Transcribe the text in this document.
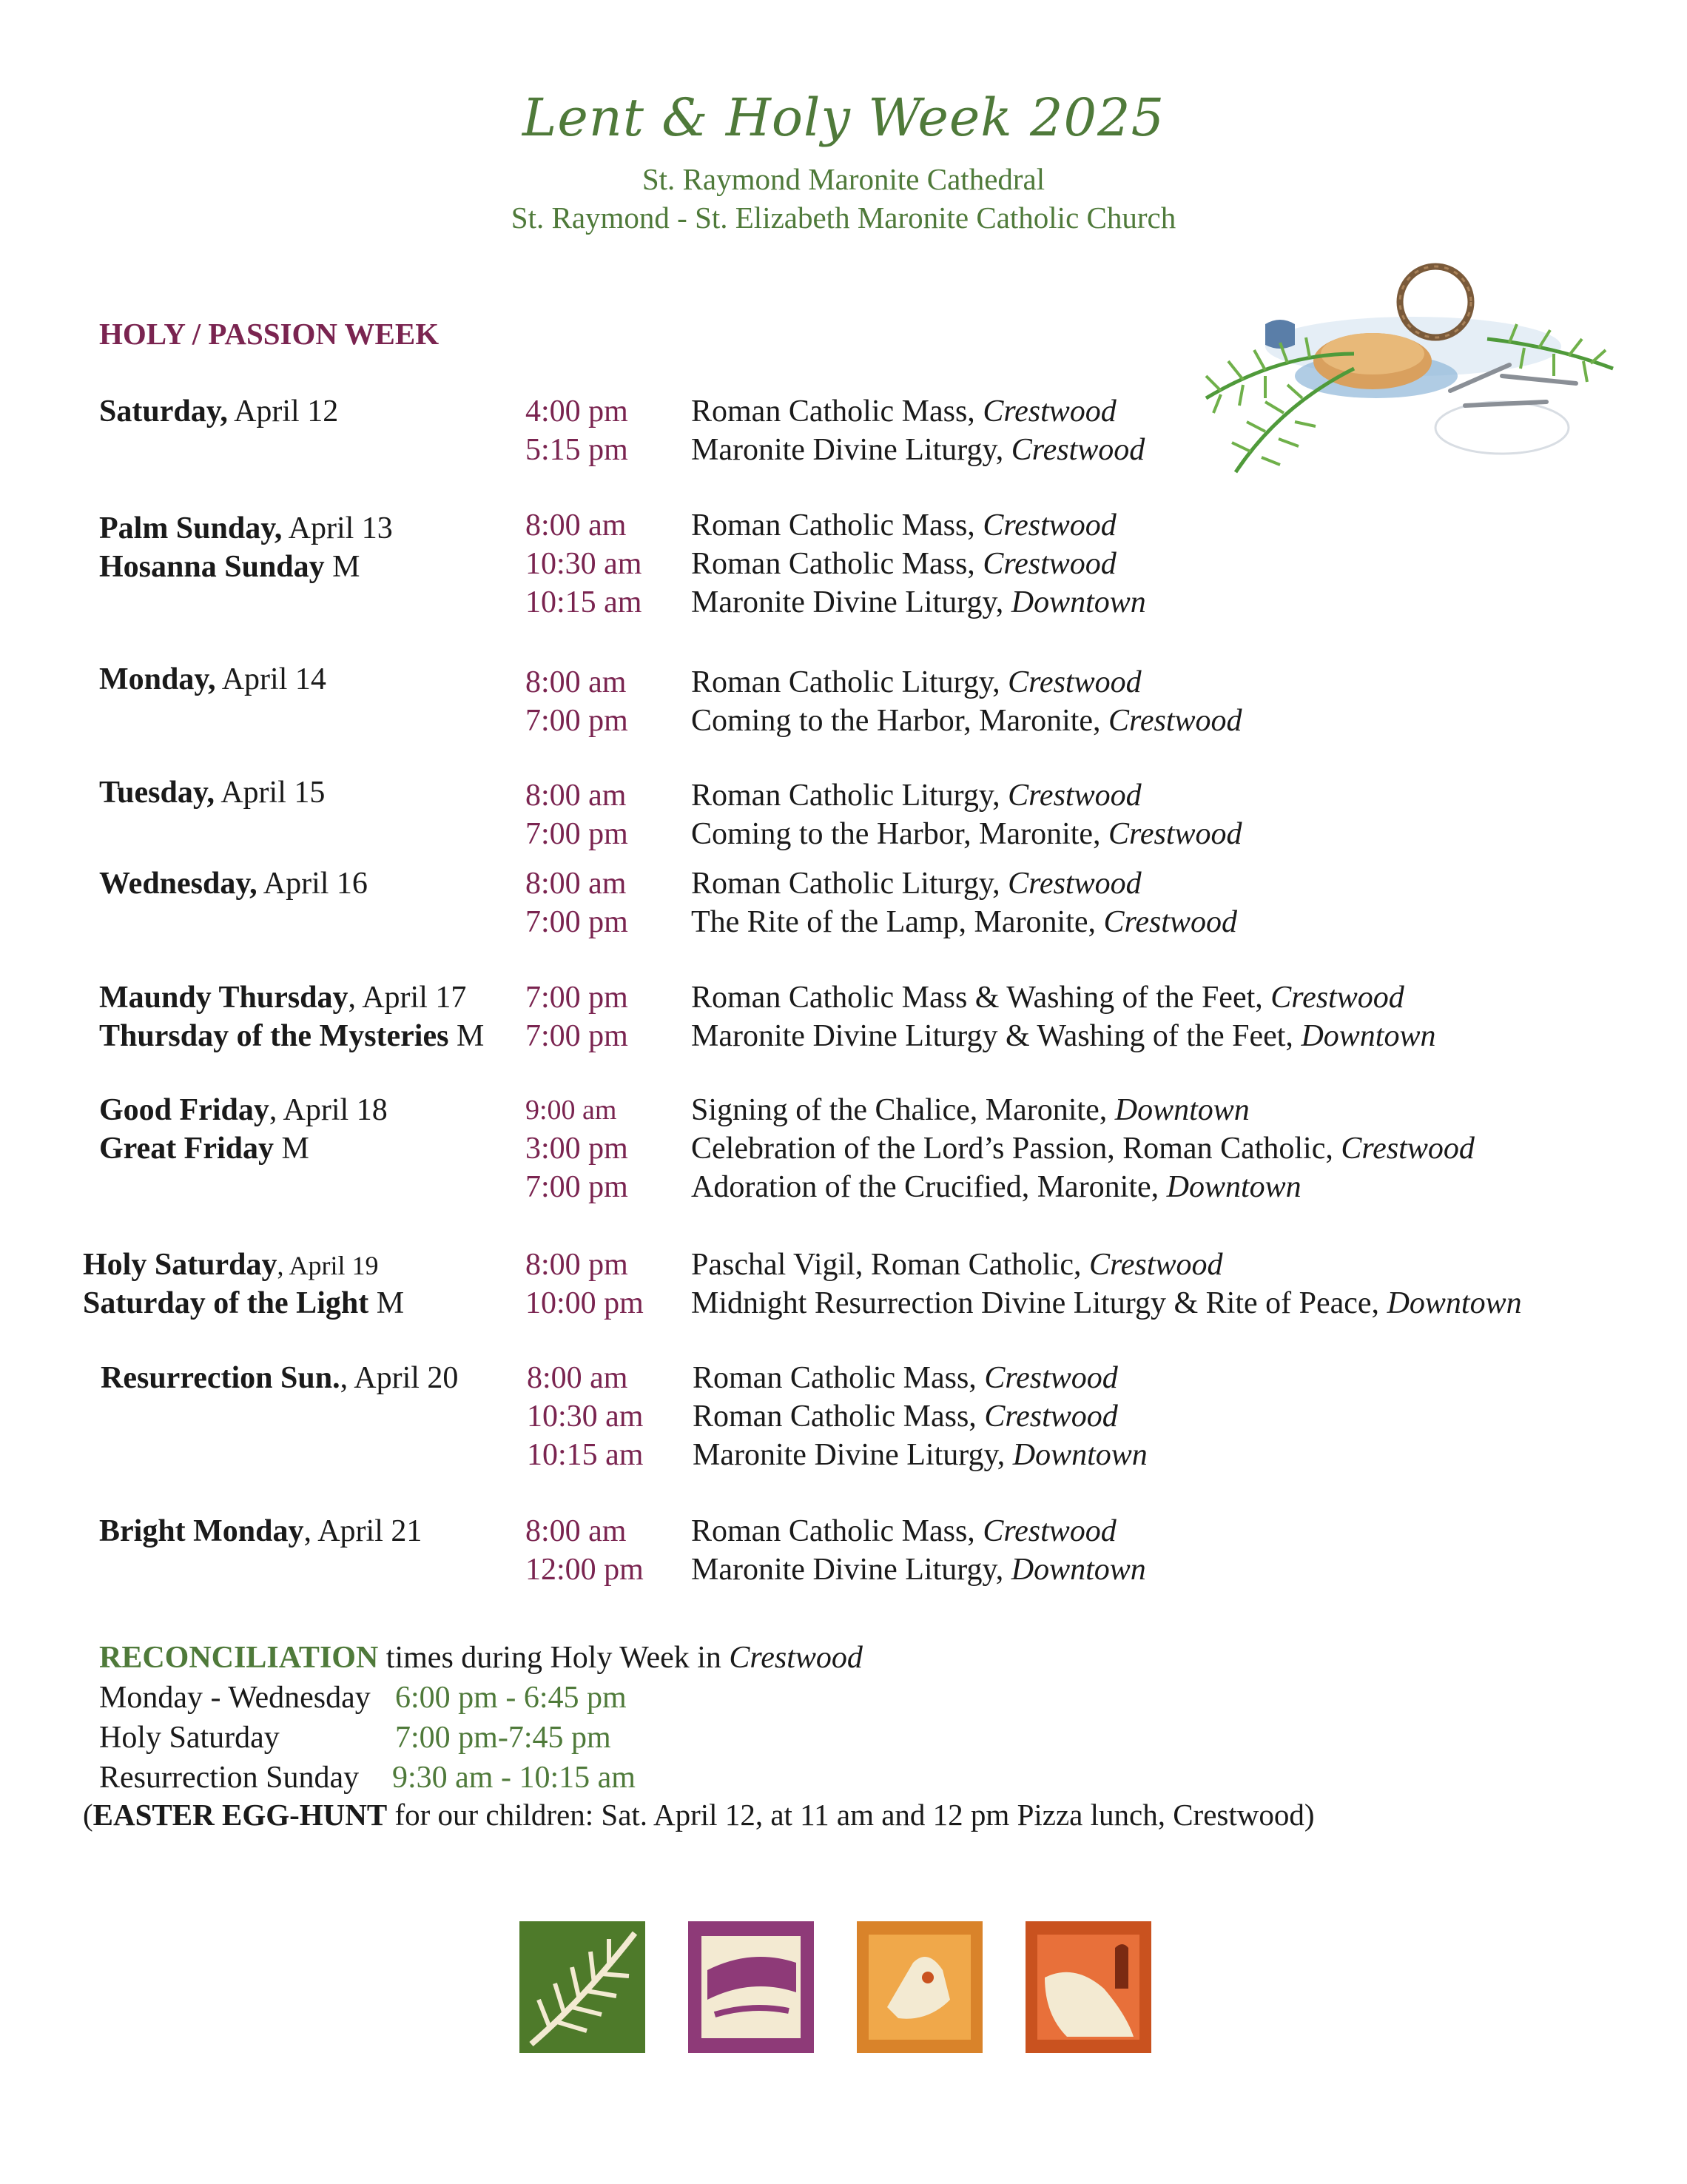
Lent & Holy Week 2025
St. Raymond Maronite Cathedral
St. Raymond - St. Elizabeth Maronite Catholic Church
HOLY / PASSION WEEK
Saturday, April 12	4:00 pm Roman Catholic Mass, Crestwood
5:15 pm Maronite Divine Liturgy, Crestwood
Palm Sunday, April 13
Hosanna Sunday M
8:00 am Roman Catholic Mass, Crestwood
10:30 am Roman Catholic Mass, Crestwood
10:15 am Maronite Divine Liturgy, Downtown
Monday, April 14	8:00 am Roman Catholic Liturgy, Crestwood
7:00 pm Coming to the Harbor, Maronite, Crestwood
Tuesday, April 15	8:00 am Roman Catholic Liturgy, Crestwood
7:00 pm Coming to the Harbor, Maronite, Crestwood
Wednesday, April 16	8:00 am Roman Catholic Liturgy, Crestwood
7:00 pm The Rite of the Lamp, Maronite, Crestwood
Maundy Thursday, April 17
Thursday of the Mysteries M
7:00 pm Roman Catholic Mass & Washing of the Feet, Crestwood
7:00 pm Maronite Divine Liturgy & Washing of the Feet, Downtown
Good Friday, April 18
Great Friday M
9:00 am Signing of the Chalice, Maronite, Downtown
3:00 pm Celebration of the Lord’s Passion, Roman Catholic, Crestwood
7:00 pm Adoration of the Crucified, Maronite, Downtown
Holy Saturday, April 19
Saturday of the Light M
8:00 pm Paschal Vigil, Roman Catholic, Crestwood
10:00 pm Midnight Resurrection Divine Liturgy & Rite of Peace, Downtown
Resurrection Sun., April 20 8:00 am Roman Catholic Mass, Crestwood
10:30 am Roman Catholic Mass, Crestwood
10:15 am Maronite Divine Liturgy, Downtown
Bright Monday, April 21	8:00 am Roman Catholic Mass, Crestwood
12:00 pm Maronite Divine Liturgy, Downtown
RECONCILIATION times during Holy Week in Crestwood
Monday - Wednesday 6:00 pm - 6:45 pm
Holy Saturday	7:00 pm-7:45 pm
Resurrection Sunday 9:30 am - 10:15 am
(EASTER EGG-HUNT for our children: Sat. April 12, at 11 am and 12 pm Pizza lunch, Crestwood)
